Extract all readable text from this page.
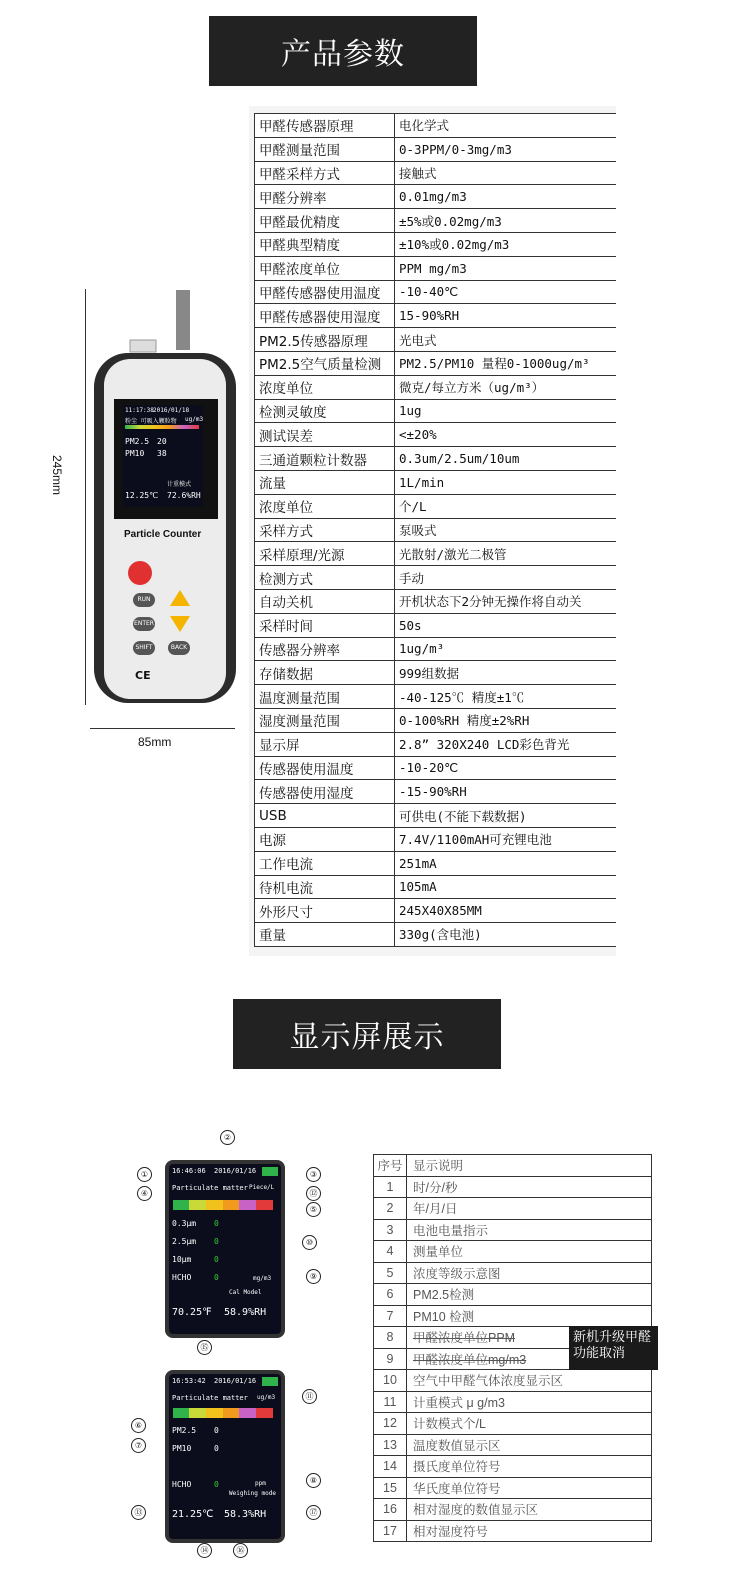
产品参数
245mm
85mm
11:17:38 2016/01/18
粉尘 可吸入颗粒物 ug/m3
PM2.5 20
PM10 38
计重模式
12.25℃ 72.6%RH
Particle Counter
RUN
ENTER
SHIFT	BACK
CE
甲醛传感器原理	电化学式
甲醛测量范围	0-3PPM/0-3mg/m3
甲醛采样方式	接触式
甲醛分辨率	0.01mg/m3
甲醛最优精度	±5%或0.02mg/m3
甲醛典型精度	±10%或0.02mg/m3
甲醛浓度单位	PPM mg/m3
甲醛传感器使用温度	-10-40℃
甲醛传感器使用湿度	15-90%RH
PM2.5传感器原理	光电式
PM2.5空气质量检测	PM2.5/PM10 量程0-1000ug/m³
浓度单位	微克/每立方米（ug/m³）
检测灵敏度	1ug
测试误差	<±20%
三通道颗粒计数器	0.3um/2.5um/10um
流量	1L/min
浓度单位	个/L
采样方式	泵吸式
采样原理/光源	光散射/激光二极管
检测方式	手动
自动关机	开机状态下2分钟无操作将自动关
采样时间	50s
传感器分辨率	1ug/m³
存储数据	999组数据
温度测量范围	-40-125℃ 精度±1℃
湿度测量范围	0-100%RH 精度±2%RH
显示屏	2.8” 320X240 LCD彩色背光
传感器使用温度	-10-20℃
传感器使用湿度	-15-90%RH
USB	可供电(不能下载数据)
电源	7.4V/1100mAH可充锂电池
工作电流	251mA
待机电流	105mA
外形尺寸	245X40X85MM
重量	330g(含电池)
显示屏展示
16:46:06 2016/01/16
Particulate matter Piece/L
0.3μm 0
2.5μm 0
10μm	0
HCHO	0	mg/m3
Cal Model
70.25℉ 58.9%RH
16:53:42 2016/01/16
Particulate matter ug/m3
PM2.5 0
PM10	0
HCHO	0	ppm
Weighing mode
21.25℃ 58.3%RH
①
②
③
④
⑤
⑥
⑦
⑧
⑨
⑩
⑪
⑫
⑬
⑭
⑮
⑯
⑰
序号	显示说明
1	时/分/秒
2	年/月/日
3	电池电量指示
4	测量单位
5	浓度等级示意图
6	PM2.5检测
7	PM10 检测
8	甲醛浓度单位PPM
9	甲醛浓度单位mg/m3
10	空气中甲醛气体浓度显示区
11	计重模式 μ g/m3
12	计数模式个/L
13	温度数值显示区
14	摄氏度单位符号
15	华氏度单位符号
16	相对湿度的数值显示区
17	相对湿度符号
新机升级甲醛功能取消
